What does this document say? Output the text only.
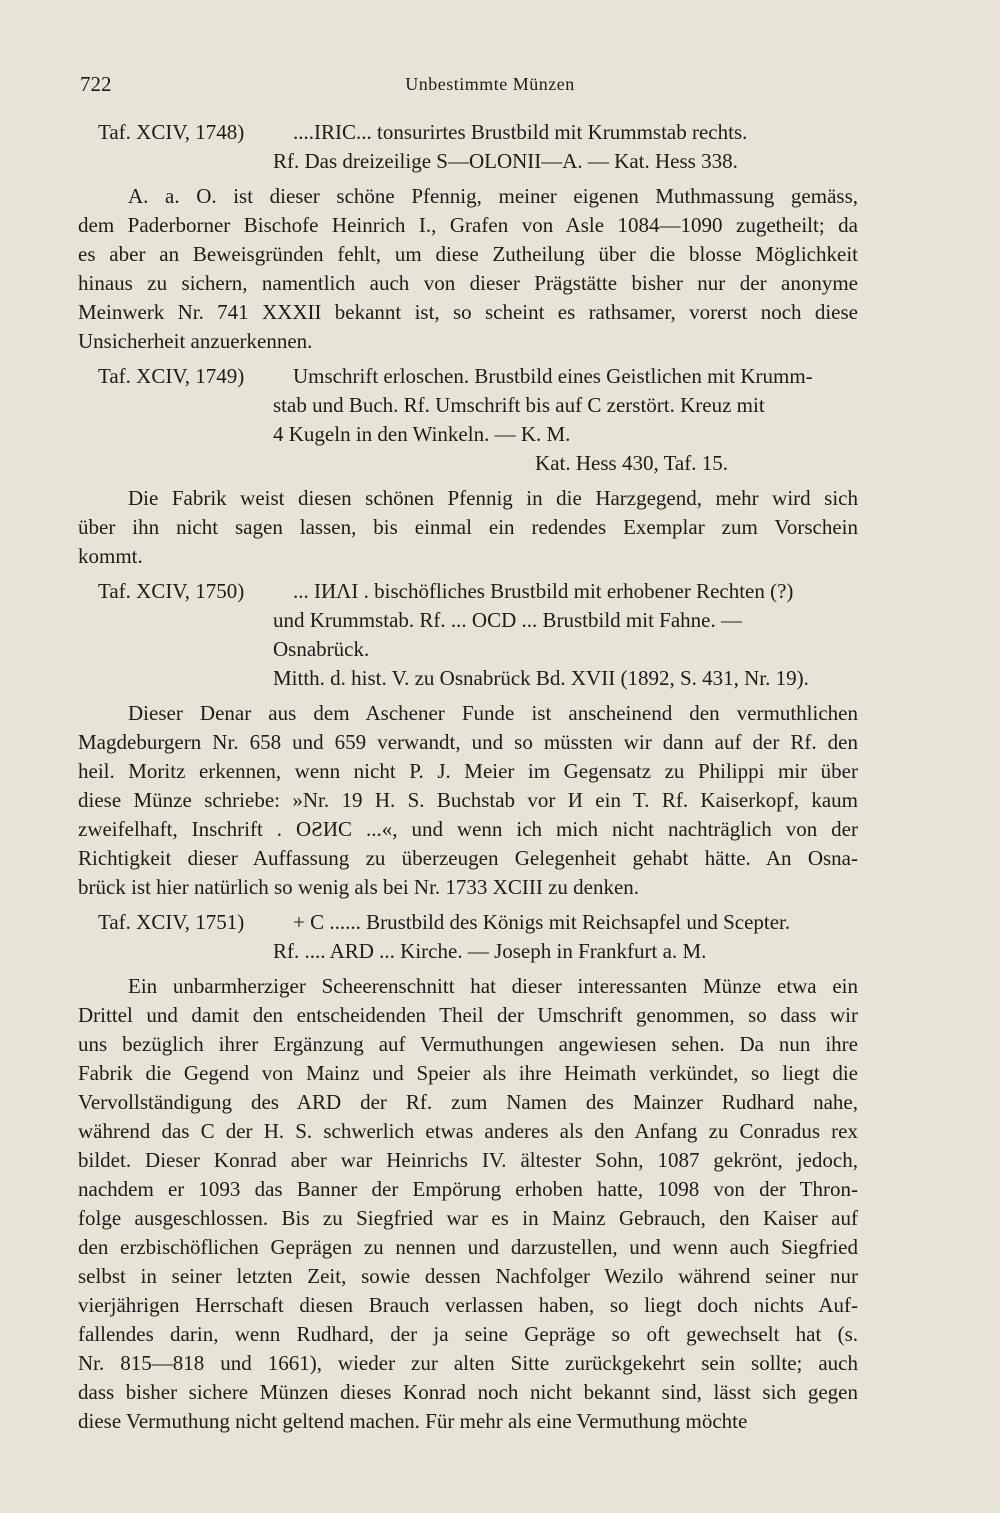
722	Unbestimmte Münzen
Taf. XCIV, 1748) ....IRIC... tonsurirtes Brustbild mit Krummstab rechts.
Rf. Das dreizeilige S—OLONII—A. — Kat. Hess 338.
A. a. O. ist dieser schöne Pfennig, meiner eigenen Muthmassung gemäss,
dem Paderborner Bischofe Heinrich I., Grafen von Asle 1084—1090 zugetheilt; da
es aber an Beweisgründen fehlt, um diese Zutheilung über die blosse Möglichkeit
hinaus zu sichern, namentlich auch von dieser Prägstätte bisher nur der anonyme
Meinwerk Nr. 741 XXXII bekannt ist, so scheint es rathsamer, vorerst noch diese
Unsicherheit anzuerkennen.
Taf. XCIV, 1749) Umschrift erloschen. Brustbild eines Geistlichen mit Krumm-
stab und Buch. Rf. Umschrift bis auf C zerstört. Kreuz mit
4 Kugeln in den Winkeln. — K. M.
Kat. Hess 430, Taf. 15.
Die Fabrik weist diesen schönen Pfennig in die Harzgegend, mehr wird sich
über ihn nicht sagen lassen, bis einmal ein redendes Exemplar zum Vorschein
kommt.
Taf. XCIV, 1750) ... IИΛI . bischöfliches Brustbild mit erhobener Rechten (?)
und Krummstab. Rf. ... OCD ... Brustbild mit Fahne. —
Osnabrück.
Mitth. d. hist. V. zu Osnabrück Bd. XVII (1892, S. 431, Nr. 19).
Dieser Denar aus dem Aschener Funde ist anscheinend den vermuthlichen
Magdeburgern Nr. 658 und 659 verwandt, und so müssten wir dann auf der Rf. den
heil. Moritz erkennen, wenn nicht P. J. Meier im Gegensatz zu Philippi mir über
diese Münze schriebe: »Nr. 19 H. S. Buchstab vor И ein T. Rf. Kaiserkopf, kaum
zweifelhaft, Inschrift . OƧИC ...«, und wenn ich mich nicht nachträglich von der
Richtigkeit dieser Auffassung zu überzeugen Gelegenheit gehabt hätte. An Osna-
brück ist hier natürlich so wenig als bei Nr. 1733 XCIII zu denken.
Taf. XCIV, 1751) + C ...... Brustbild des Königs mit Reichsapfel und Scepter.
Rf. .... ARD ... Kirche. — Joseph in Frankfurt a. M.
Ein unbarmherziger Scheerenschnitt hat dieser interessanten Münze etwa ein
Drittel und damit den entscheidenden Theil der Umschrift genommen, so dass wir
uns bezüglich ihrer Ergänzung auf Vermuthungen angewiesen sehen. Da nun ihre
Fabrik die Gegend von Mainz und Speier als ihre Heimath verkündet, so liegt die
Vervollständigung des ARD der Rf. zum Namen des Mainzer Rudhard nahe,
während das C der H. S. schwerlich etwas anderes als den Anfang zu Conradus rex
bildet. Dieser Konrad aber war Heinrichs IV. ältester Sohn, 1087 gekrönt, jedoch,
nachdem er 1093 das Banner der Empörung erhoben hatte, 1098 von der Thron-
folge ausgeschlossen. Bis zu Siegfried war es in Mainz Gebrauch, den Kaiser auf
den erzbischöflichen Geprägen zu nennen und darzustellen, und wenn auch Siegfried
selbst in seiner letzten Zeit, sowie dessen Nachfolger Wezilo während seiner nur
vierjährigen Herrschaft diesen Brauch verlassen haben, so liegt doch nichts Auf-
fallendes darin, wenn Rudhard, der ja seine Gepräge so oft gewechselt hat (s.
Nr. 815—818 und 1661), wieder zur alten Sitte zurückgekehrt sein sollte; auch
dass bisher sichere Münzen dieses Konrad noch nicht bekannt sind, lässt sich gegen
diese Vermuthung nicht geltend machen. Für mehr als eine Vermuthung möchte
